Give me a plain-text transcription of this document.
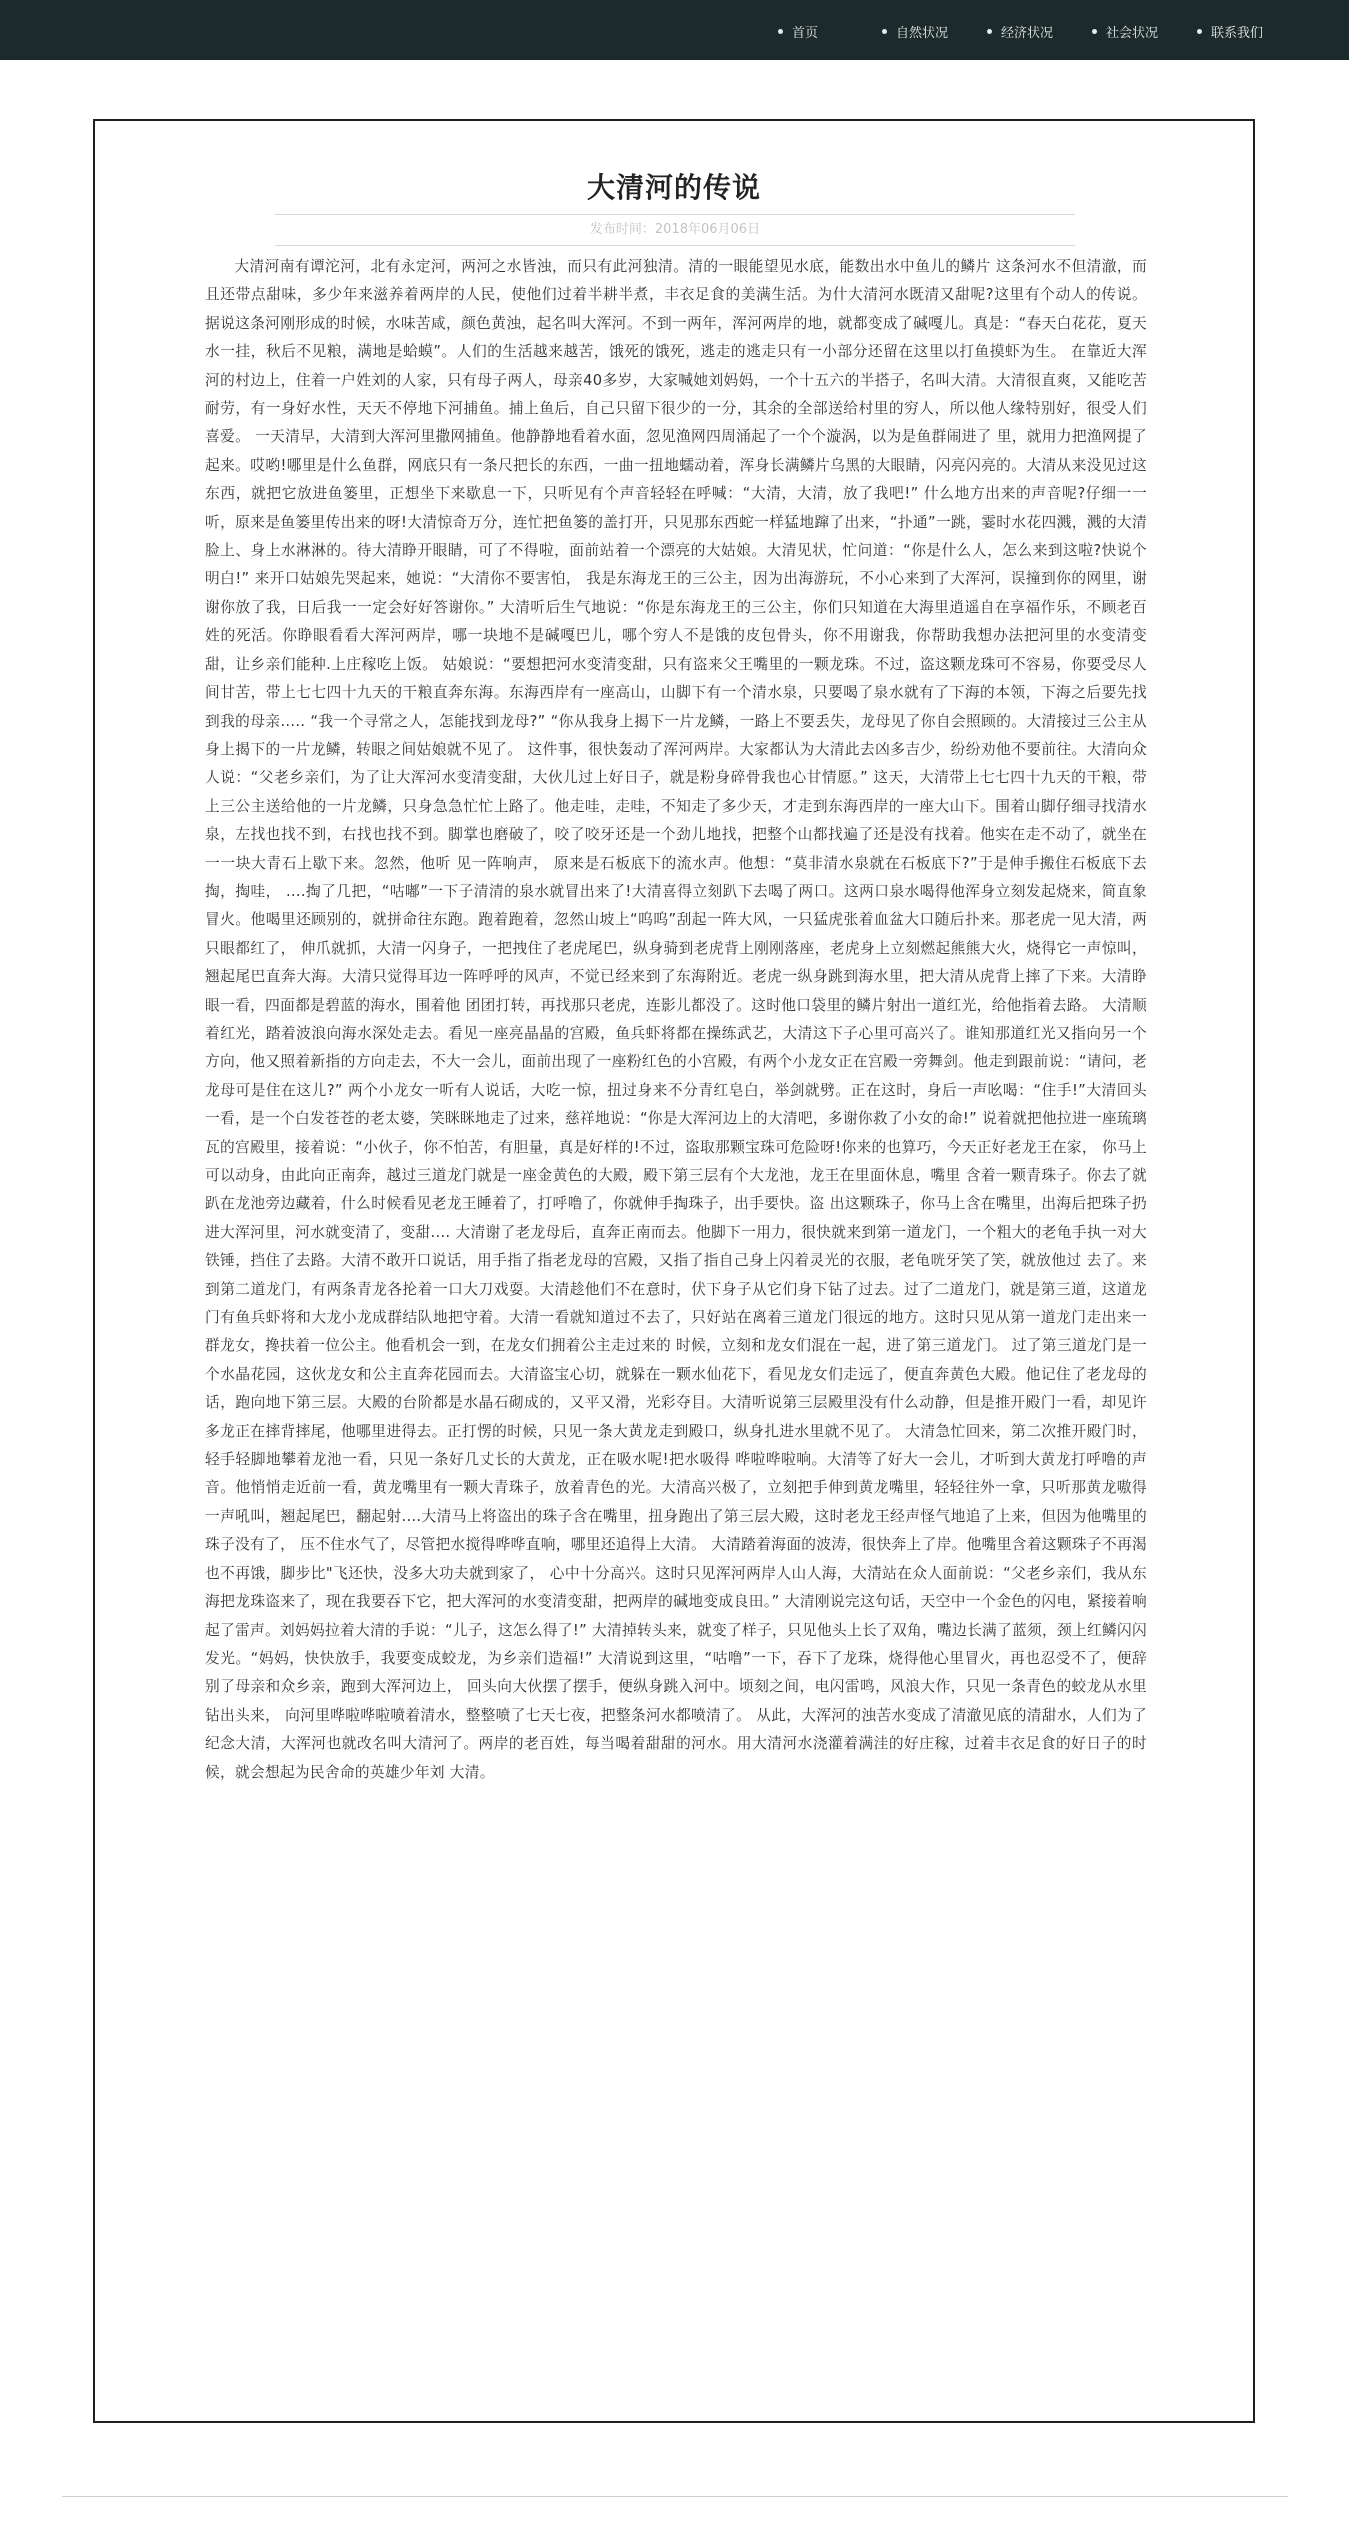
首页	自然状况	经济状况	社会状况	联系我们
大清河的传说
发布时间：2018年06月06日
大清河南有谭沱河，北有永定河，两河之水皆浊，而只有此河独清。清的一眼能望见水底，能数出水中鱼儿的鳞片 这条河水不但清澈，而且还带点甜味，多少年来滋养着两岸的人民，使他们过着半耕半煮，丰衣足食的美满生活。为什大清河水既清又甜呢?这里有个动人的传说。 据说这条河刚形成的时候，水味苦咸，颜色黄浊，起名叫大浑河。不到一两年，浑河两岸的地，就都变成了碱嘎儿。真是：“春天白花花，夏天水一挂，秋后不见粮，满地是蛤蟆”。人们的生活越来越苦，饿死的饿死，逃走的逃走只有一小部分还留在这里以打鱼摸虾为生。 在靠近大浑河的村边上，住着一户姓刘的人家，只有母子两人，母亲40多岁，大家喊她刘妈妈，一个十五六的半搭子，名叫大清。大清很直爽，又能吃苦耐劳，有一身好水性，天天不停地下河捕鱼。捕上鱼后，自己只留下很少的一分，其余的全部送给村里的穷人，所以他人缘特别好，很受人们喜爱。 一天清早，大清到大浑河里撒网捕鱼。他静静地看着水面，忽见渔网四周涌起了一个个漩涡，以为是鱼群闹进了 里，就用力把渔网提了起来。哎哟!哪里是什么鱼群，网底只有一条尺把长的东西，一曲一扭地蠕动着，浑身长满鳞片乌黑的大眼睛，闪亮闪亮的。大清从来没见过这东西，就把它放进鱼篓里，正想坐下来歇息一下，只听见有个声音轻轻在呼喊：“大清，大清，放了我吧!” 什么地方出来的声音呢?仔细一一听，原来是鱼篓里传出来的呀!大清惊奇万分，连忙把鱼篓的盖打开，只见那东西蛇一样猛地蹿了出来，“扑通”一跳，霎时水花四溅，溅的大清脸上、身上水淋淋的。待大清睁开眼睛，可了不得啦，面前站着一个漂亮的大姑娘。大清见状，忙问道：“你是什么人，怎么来到这啦?快说个明白!” 来开口姑娘先哭起来，她说：“大清你不要害怕， 我是东海龙王的三公主，因为出海游玩，不小心来到了大浑河，误撞到你的网里，谢谢你放了我，日后我一一定会好好答谢你。” 大清听后生气地说：“你是东海龙王的三公主，你们只知道在大海里逍遥自在享福作乐，不顾老百姓的死活。你睁眼看看大浑河两岸，哪一块地不是碱嘎巴儿，哪个穷人不是饿的皮包骨头，你不用谢我，你帮助我想办法把河里的水变清变甜，让乡亲们能种.上庄稼吃上饭。 姑娘说：“要想把河水变清变甜，只有盗来父王嘴里的一颗龙珠。不过，盗这颗龙珠可不容易，你要受尽人间甘苦，带上七七四十九天的干粮直奔东海。东海西岸有一座高山，山脚下有一个清水泉，只要喝了泉水就有了下海的本领，下海之后要先找到我的母亲..... “我一个寻常之人，怎能找到龙母?” “你从我身上揭下一片龙鳞，一路上不要丢失，龙母见了你自会照顾的。大清接过三公主从身上揭下的一片龙鳞，转眼之间姑娘就不见了。 这件事，很快轰动了浑河两岸。大家都认为大清此去凶多吉少，纷纷劝他不要前往。大清向众人说：“父老乡亲们，为了让大浑河水变清变甜，大伙儿过上好日子，就是粉身碎骨我也心甘情愿。” 这天，大清带上七七四十九天的干粮，带上三公主送给他的一片龙鳞，只身急急忙忙上路了。他走哇，走哇，不知走了多少天，才走到东海西岸的一座大山下。围着山脚仔细寻找清水泉，左找也找不到，右找也找不到。脚掌也磨破了，咬了咬牙还是一个劲儿地找，把整个山都找遍了还是没有找着。他实在走不动了，就坐在一一块大青石上歇下来。忽然，他听 见一阵响声， 原来是石板底下的流水声。他想：“莫非清水泉就在石板底下?”于是伸手搬住石板底下去掏，掏哇， ....掏了几把，“咕嘟”一下子清清的泉水就冒出来了!大清喜得立刻趴下去喝了两口。这两口泉水喝得他浑身立刻发起烧来，简直象冒火。他喝里还顾别的，就拼命往东跑。跑着跑着，忽然山坡上“呜呜”刮起一阵大风，一只猛虎张着血盆大口随后扑来。那老虎一见大清，两只眼都红了， 伸爪就抓，大清一闪身子，一把拽住了老虎尾巴，纵身骑到老虎背上刚刚落座，老虎身上立刻燃起熊熊大火，烧得它一声惊叫，翘起尾巴直奔大海。大清只觉得耳边一阵呼呼的风声，不觉已经来到了东海附近。老虎一纵身跳到海水里，把大清从虎背上摔了下来。大清睁眼一看，四面都是碧蓝的海水，围着他 团团打转，再找那只老虎，连影儿都没了。这时他口袋里的鳞片射出一道红光，给他指着去路。 大清顺着红光，踏着波浪向海水深处走去。看见一座亮晶晶的宫殿，鱼兵虾将都在操练武艺，大清这下子心里可高兴了。谁知那道红光又指向另一个方向，他又照着新指的方向走去，不大一会儿，面前出现了一座粉红色的小宫殿，有两个小龙女正在宫殿一旁舞剑。他走到跟前说：“请问，老龙母可是住在这儿?” 两个小龙女一听有人说话，大吃一惊，扭过身来不分青红皂白，举剑就劈。正在这时，身后一声吆喝：“住手!”大清回头一看，是一个白发苍苍的老太婆，笑眯眯地走了过来，慈祥地说：“你是大浑河边上的大清吧，多谢你救了小女的命!” 说着就把他拉进一座琉璃瓦的宫殿里，接着说：“小伙子，你不怕苦，有胆量，真是好样的!不过，盗取那颗宝珠可危险呀!你来的也算巧，今天正好老龙王在家， 你马上可以动身，由此向正南奔，越过三道龙门就是一座金黄色的大殿，殿下第三层有个大龙池，龙王在里面休息，嘴里 含着一颗青珠子。你去了就趴在龙池旁边藏着，什么时候看见老龙王睡着了，打呼噜了，你就伸手掏珠子，出手要快。盗 出这颗珠子，你马上含在嘴里，出海后把珠子扔进大浑河里，河水就变清了，变甜.... 大清谢了老龙母后，直奔正南而去。他脚下一用力，很快就来到第一道龙门，一个粗大的老龟手执一对大铁锤，挡住了去路。大清不敢开口说话，用手指了指老龙母的宫殿，又指了指自己身上闪着灵光的衣服，老龟咣牙笑了笑，就放他过 去了。来到第二道龙门，有两条青龙各抡着一口大刀戏耍。大清趁他们不在意时，伏下身子从它们身下钻了过去。过了二道龙门，就是第三道，这道龙门有鱼兵虾将和大龙小龙成群结队地把守着。大清一看就知道过不去了，只好站在离着三道龙门很远的地方。这时只见从第一道龙门走出来一群龙女，搀扶着一位公主。他看机会一到，在龙女们拥着公主走过来的 时候，立刻和龙女们混在一起，进了第三道龙门。 过了第三道龙门是一个水晶花园，这伙龙女和公主直奔花园而去。大清盗宝心切，就躲在一颗水仙花下，看见龙女们走远了，便直奔黄色大殿。他记住了老龙母的话，跑向地下第三层。大殿的台阶都是水晶石砌成的，又平又滑，光彩夺目。大清听说第三层殿里没有什么动静，但是推开殿门一看，却见许多龙正在摔背摔尾，他哪里进得去。正打愣的时候，只见一条大黄龙走到殿口，纵身扎进水里就不见了。 大清急忙回来，第二次推开殿门时，轻手轻脚地攀着龙池一看，只见一条好几丈长的大黄龙，正在吸水呢!把水吸得 哗啦哗啦响。大清等了好大一会儿，才听到大黄龙打呼噜的声音。他悄悄走近前一看，黄龙嘴里有一颗大青珠子，放着青色的光。大清高兴极了，立刻把手伸到黄龙嘴里，轻轻往外一拿，只听那黄龙嗷得一声吼叫，翘起尾巴，翻起射....大清马上将盗出的珠子含在嘴里，扭身跑出了第三层大殿，这时老龙王经声怪气地追了上来，但因为他嘴里的珠子没有了， 压不住水气了，尽管把水搅得哗哗直响，哪里还追得上大清。 大清踏着海面的波涛，很快奔上了岸。他嘴里含着这颗珠子不再渴也不再饿，脚步比"飞还快，没多大功夫就到家了， 心中十分高兴。这时只见浑河两岸人山人海，大清站在众人面前说：“父老乡亲们，我从东海把龙珠盗来了，现在我要吞下它，把大浑河的水变清变甜，把两岸的碱地变成良田。” 大清刚说完这句话，天空中一个金色的闪电，紧接着响起了雷声。刘妈妈拉着大清的手说：“儿子，这怎么得了!” 大清掉转头来，就变了样子，只见他头上长了双角，嘴边长满了蓝须，颈上红鳞闪闪发光。“妈妈，快快放手，我要变成蛟龙，为乡亲们造福!” 大清说到这里，“咕噜”一下，吞下了龙珠，烧得他心里冒火，再也忍受不了，便辞别了母亲和众乡亲，跑到大浑河边上， 回头向大伙摆了摆手，便纵身跳入河中。顷刻之间，电闪雷鸣，风浪大作，只见一条青色的蛟龙从水里钻出头来， 向河里哗啦哗啦喷着清水，整整喷了七天七夜，把整条河水都喷清了。 从此，大浑河的浊苦水变成了清澈见底的清甜水，人们为了纪念大清，大浑河也就改名叫大清河了。两岸的老百姓，每当喝着甜甜的河水。用大清河水浇灌着满洼的好庄稼，过着丰衣足食的好日子的时候，就会想起为民舍命的英雄少年刘 大清。
